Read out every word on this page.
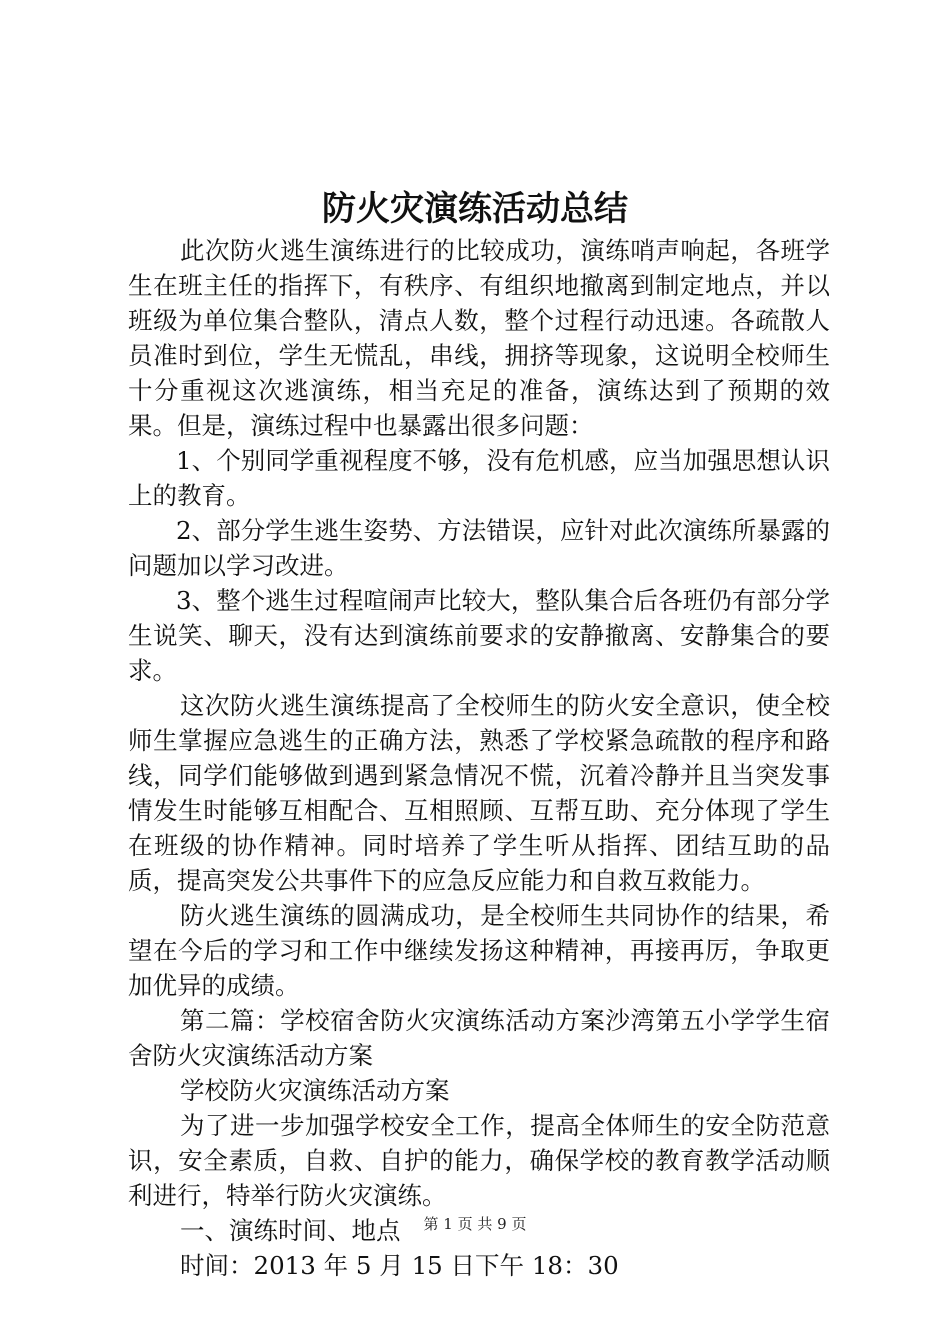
防火灾演练活动总结

此次防火逃生演练进行的比较成功，演练哨声响起，各班学生在班主任的指挥下，有秩序、有组织地撤离到制定地点，并以班级为单位集合整队，清点人数，整个过程行动迅速。各疏散人员准时到位，学生无慌乱，串线，拥挤等现象，这说明全校师生十分重视这次逃演练，相当充足的准备，演练达到了预期的效果。但是，演练过程中也暴露出很多问题：

1、个别同学重视程度不够，没有危机感，应当加强思想认识上的教育。

2、部分学生逃生姿势、方法错误，应针对此次演练所暴露的问题加以学习改进。

3、整个逃生过程喧闹声比较大，整队集合后各班仍有部分学生说笑、聊天，没有达到演练前要求的安静撤离、安静集合的要求。

这次防火逃生演练提高了全校师生的防火安全意识，使全校师生掌握应急逃生的正确方法，熟悉了学校紧急疏散的程序和路线，同学们能够做到遇到紧急情况不慌，沉着冷静并且当突发事情发生时能够互相配合、互相照顾、互帮互助、充分体现了学生在班级的协作精神。同时培养了学生听从指挥、团结互助的品质，提高突发公共事件下的应急反应能力和自救互救能力。

防火逃生演练的圆满成功，是全校师生共同协作的结果，希望在今后的学习和工作中继续发扬这种精神，再接再厉，争取更加优异的成绩。

第二篇：学校宿舍防火灾演练活动方案沙湾第五小学学生宿舍防火灾演练活动方案

学校防火灾演练活动方案

为了进一步加强学校安全工作，提高全体师生的安全防范意识，安全素质，自救、自护的能力，确保学校的教育教学活动顺利进行，特举行防火灾演练。

一、演练时间、地点

时间：2013 年 5 月 15 日下午 18：30

第 1 页 共 9 页
